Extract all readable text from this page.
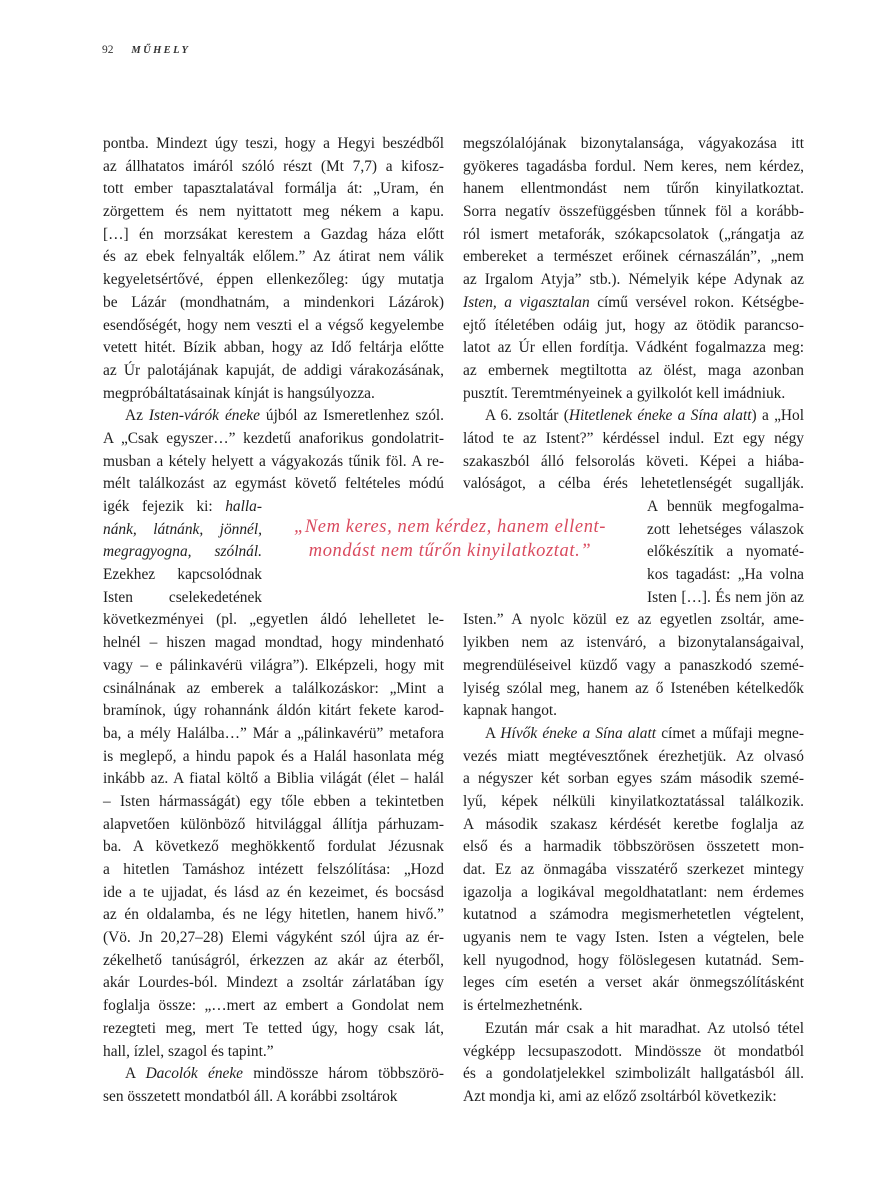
92 MŰHELY
pontba. Mindezt úgy teszi, hogy a Hegyi beszédből
az állhatatos imáról szóló részt (Mt 7,7) a kifosz-
tott ember tapasztalatával formálja át: „Uram, én
zörgettem és nem nyittatott meg nékem a kapu.
[…] én morzsákat kerestem a Gazdag háza előtt
és az ebek felnyalták előlem.” Az átirat nem válik
kegyeletsértővé, éppen ellenkezőleg: úgy mutatja
be Lázár (mondhatnám, a mindenkori Lázárok)
esendőségét, hogy nem veszti el a végső kegyelembe
vetett hitét. Bízik abban, hogy az Idő feltárja előtte
az Úr palotájának kapuját, de addigi várakozásának,
megpróbáltatásainak kínját is hangsúlyozza.
Az Isten-várók éneke újból az Ismeretlenhez szól.
A „Csak egyszer…” kezdetű anaforikus gondolatrit-
musban a kétely helyett a vágyakozás tűnik föl. A re-
mélt találkozást az egymást követő feltételes módú
igék fejezik ki: halla-
nánk, látnánk, jönnél,
megragyogna, szólnál.
Ezekhez kapcsolódnak
Isten cselekedetének
következményei (pl. „egyetlen áldó lehelletet le-
helnél – hiszen magad mondtad, hogy mindenható
vagy – e pálinkavérü világra”). Elképzeli, hogy mit
csinálnának az emberek a találkozáskor: „Mint a
bramínok, úgy rohannánk áldón kitárt fekete karod-
ba, a mély Halálba…” Már a „pálinkavérü” metafora
is meglepő, a hindu papok és a Halál hasonlata még
inkább az. A fiatal költő a Biblia világát (élet – halál
– Isten hármasságát) egy tőle ebben a tekintetben
alapvetően különböző hitvilággal állítja párhuzam-
ba. A következő meghökkentő fordulat Jézusnak
a hitetlen Tamáshoz intézett felszólítása: „Hozd
ide a te ujjadat, és lásd az én kezeimet, és bocsásd
az én oldalamba, és ne légy hitetlen, hanem hivő.”
(Vö. Jn 20,27–28) Elemi vágyként szól újra az ér-
zékelhető tanúságról, érkezzen az akár az éterből,
akár Lourdes-ból. Mindezt a zsoltár zárlatában így
foglalja össze: „…mert az embert a Gondolat nem
rezegteti meg, mert Te tetted úgy, hogy csak lát,
hall, ízlel, szagol és tapint.”
A Dacolók éneke mindössze három többszörö-
sen összetett mondatból áll. A korábbi zsoltárok
megszólalójának bizonytalansága, vágyakozása itt
gyökeres tagadásba fordul. Nem keres, nem kérdez,
hanem ellentmondást nem tűrőn kinyilatkoztat.
Sorra negatív összefüggésben tűnnek föl a korább-
ról ismert metaforák, szókapcsolatok („rángatja az
embereket a természet erőinek cérnaszálán”, „nem
az Irgalom Atyja” stb.). Némelyik képe Adynak az
Isten, a vigasztalan című versével rokon. Kétségbe-
ejtő ítéletében odáig jut, hogy az ötödik parancso-
latot az Úr ellen fordítja. Vádként fogalmazza meg:
az embernek megtiltotta az ölést, maga azonban
pusztít. Teremtményeinek a gyilkolót kell imádniuk.
A 6. zsoltár (Hitetlenek éneke a Sína alatt) a „Hol
látod te az Istent?” kérdéssel indul. Ezt egy négy
szakaszból álló felsorolás követi. Képei a hiába-
valóságot, a célba érés lehetetlenségét sugallják.
A bennük megfogalma-
zott lehetséges válaszok
előkészítik a nyomaté-
kos tagadást: „Ha volna
Isten […]. És nem jön az
Isten.” A nyolc közül ez az egyetlen zsoltár, ame-
lyikben nem az istenváró, a bizonytalanságaival,
megrendüléseivel küzdő vagy a panaszkodó szemé-
lyiség szólal meg, hanem az ő Istenében kételkedők
kapnak hangot.
A Hívők éneke a Sína alatt címet a műfaji megne-
vezés miatt megtévesztőnek érezhetjük. Az olvasó
a négyszer két sorban egyes szám második szemé-
lyű, képek nélküli kinyilatkoztatással találkozik.
A második szakasz kérdését keretbe foglalja az
első és a harmadik többszörösen összetett mon-
dat. Ez az önmagába visszatérő szerkezet mintegy
igazolja a logikával megoldhatatlant: nem érdemes
kutatnod a számodra megismerhetetlen végtelent,
ugyanis nem te vagy Isten. Isten a végtelen, bele
kell nyugodnod, hogy fölöslegesen kutatnád. Sem-
leges cím esetén a verset akár önmegszólításként
is értelmezhetnénk.
Ezután már csak a hit maradhat. Az utolsó tétel
végképp lecsupaszodott. Mindössze öt mondatból
és a gondolatjelekkel szimbolizált hallgatásból áll.
Azt mondja ki, ami az előző zsoltárból következik:
„Nem keres, nem kérdez, hanem ellent-
mondást nem tűrőn kinyilatkoztat.”
